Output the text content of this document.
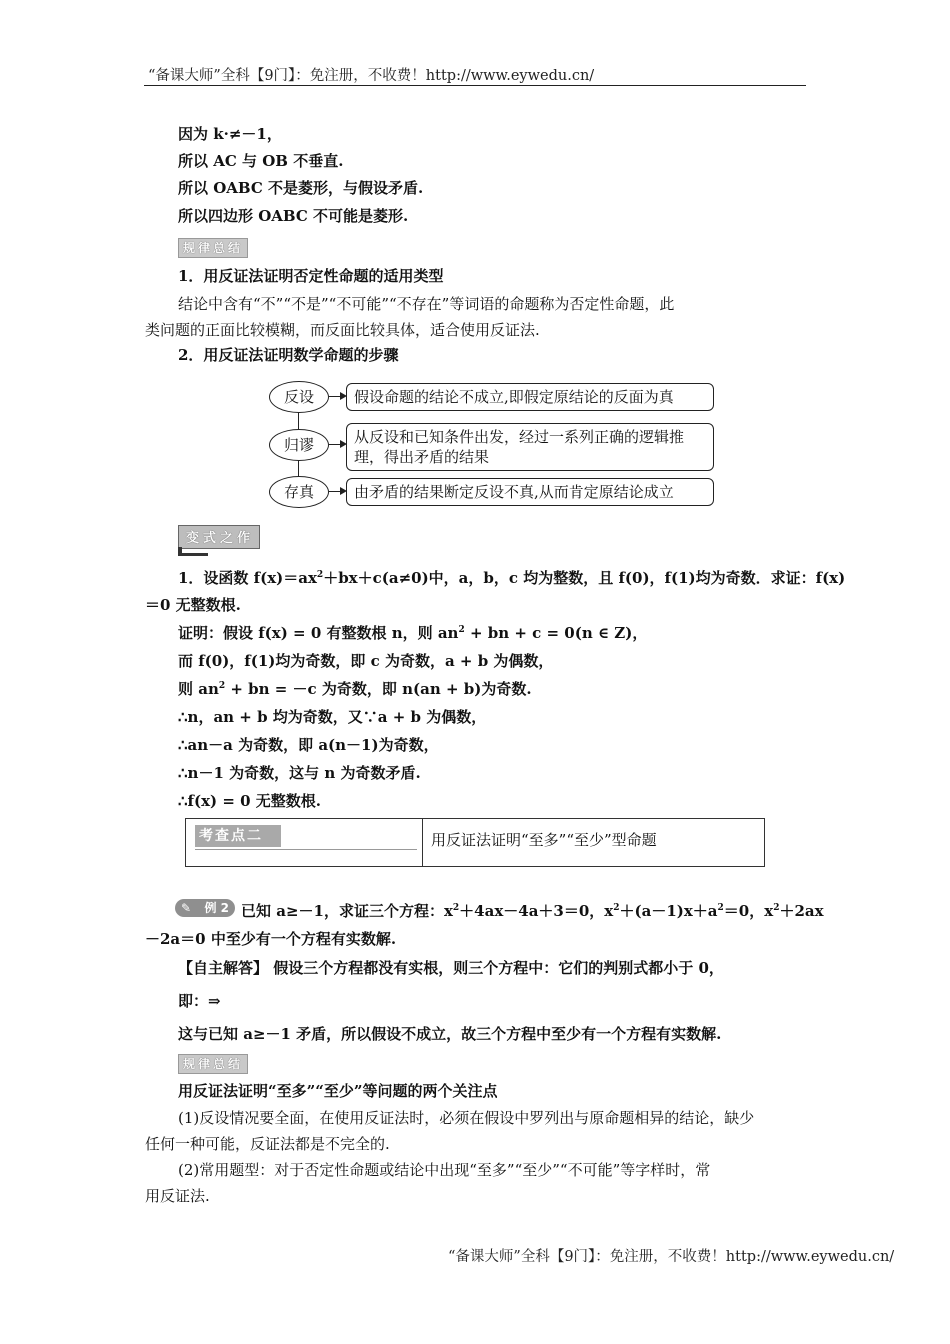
“备课大师”全科【9门】：免注册，不收费！http://www.eywedu.cn/
因为 k·≠－1，
所以 AC 与 OB 不垂直.
所以 OABC 不是菱形，与假设矛盾.
所以四边形 OABC 不可能是菱形.
规律总结
1．用反证法证明否定性命题的适用类型
结论中含有“不”“不是”“不可能”“不存在”等词语的命题称为否定性命题，此
类问题的正面比较模糊，而反面比较具体，适合使用反证法.
2．用反证法证明数学命题的步骤
反设	假设命题的结论不成立,即假定原结论的反面为真
归谬	从反设和已知条件出发，经过一系列正确的逻辑推
理，得出矛盾的结果
存真	由矛盾的结果断定反设不真,从而肯定原结论成立
变式之作
1．设函数 $f(x)=ax^2+bx+c(a\ne 0)$中，a，b，c 均为整数，且 f(0)，f(1)均为奇数．求证：f(x)
＝0 无整数根.
证明：假设 f(x) = 0 有整数根 n，则 $an^2$ + bn + c = 0(n ∈ Z)，
而 f(0)，f(1)均为奇数，即 c 为奇数，a + b 为偶数，
则 $an^2$ + bn = －c 为奇数，即 n(an + b)为奇数.
∴n，an + b 均为奇数，又∵a + b 为偶数，
∴an－a 为奇数，即 a(n－1)为奇数，
∴n－1 为奇数，这与 n 为奇数矛盾.
∴f(x) = 0 无整数根.
考查点二	用反证法证明“至多”“至少”型命题
✎ 例 2 已知 a≥－1，求证三个方程：$x^2+4ax-4a+3=0$，$x^2+(a-1)x+a^2=0$，$x^2+2ax$
－2a＝0 中至少有一个方程有实数解.
【自主解答】 假设三个方程都没有实根，则三个方程中：它们的判别式都小于 0，
即：⇒
这与已知 a≥－1 矛盾，所以假设不成立，故三个方程中至少有一个方程有实数解.
规律总结
用反证法证明“至多”“至少”等问题的两个关注点
(1)反设情况要全面，在使用反证法时，必须在假设中罗列出与原命题相异的结论，缺少
任何一种可能，反证法都是不完全的.
(2)常用题型：对于否定性命题或结论中出现“至多”“至少”“不可能”等字样时，常
用反证法.
“备课大师”全科【9门】：免注册，不收费！http://www.eywedu.cn/
